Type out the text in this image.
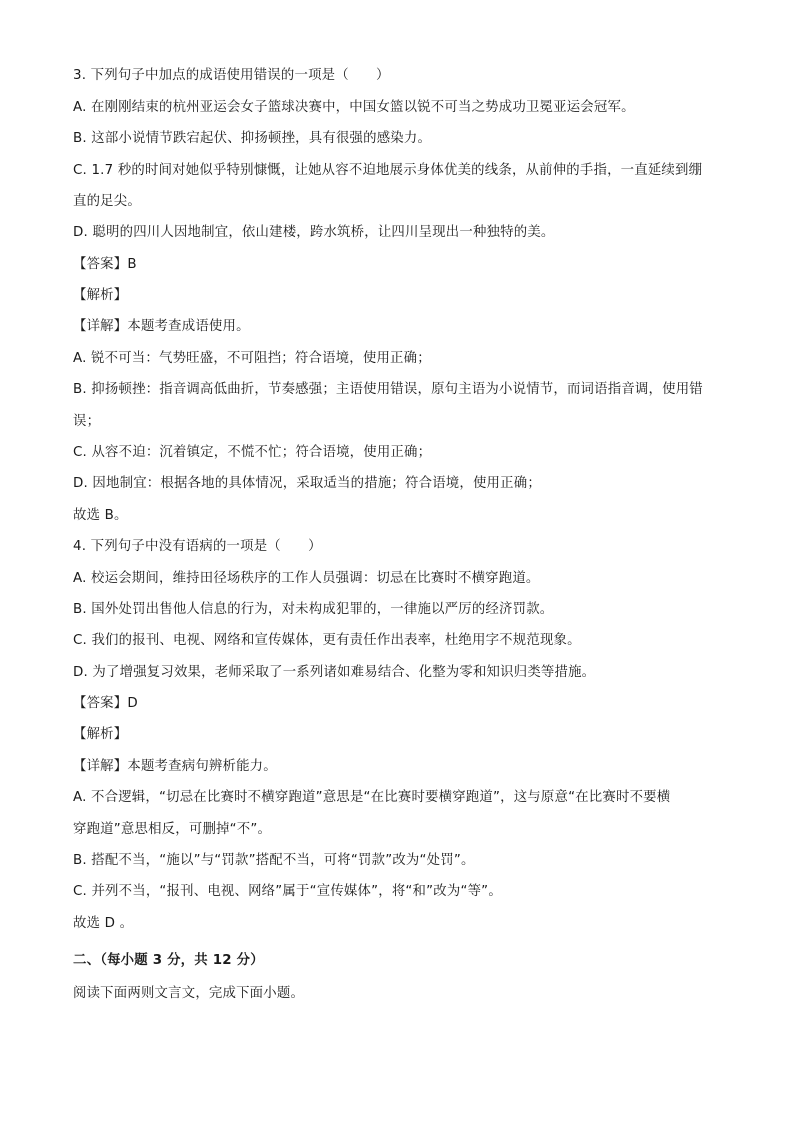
3. 下列句子中加点的成语使用错误的一项是（　　）
A. 在刚刚结束的杭州亚运会女子篮球决赛中，中国女篮以锐不可当之势成功卫冕亚运会冠军。
B. 这部小说情节跌宕起伏、抑扬顿挫，具有很强的感染力。
C. 1.7 秒的时间对她似乎特别慷慨，让她从容不迫地展示身体优美的线条，从前伸的手指，一直延续到绷
直的足尖。
D. 聪明的四川人因地制宜，依山建楼，跨水筑桥，让四川呈现出一种独特的美。
【答案】B
【解析】
【详解】本题考查成语使用。
A. 锐不可当：气势旺盛，不可阻挡；符合语境，使用正确；
B. 抑扬顿挫：指音调高低曲折，节奏感强；主语使用错误，原句主语为小说情节，而词语指音调，使用错
误；
C. 从容不迫：沉着镇定，不慌不忙；符合语境，使用正确；
D. 因地制宜：根据各地的具体情况，采取适当的措施；符合语境，使用正确；
故选 B。
4. 下列句子中没有语病的一项是（　　）
A. 校运会期间，维持田径场秩序的工作人员强调：切忌在比赛时不横穿跑道。
B. 国外处罚出售他人信息的行为，对未构成犯罪的，一律施以严厉的经济罚款。
C. 我们的报刊、电视、网络和宣传媒体，更有责任作出表率，杜绝用字不规范现象。
D. 为了增强复习效果，老师采取了一系列诸如难易结合、化整为零和知识归类等措施。
【答案】D
【解析】
【详解】本题考查病句辨析能力。
A. 不合逻辑，“切忌在比赛时不横穿跑道”意思是“在比赛时要横穿跑道”，这与原意“在比赛时不要横
穿跑道”意思相反，可删掉“不”。
B. 搭配不当，“施以”与“罚款”搭配不当，可将“罚款”改为“处罚”。
C. 并列不当，“报刊、电视、网络”属于“宣传媒体”，将“和”改为“等”。
故选 D 。
二、（每小题 3 分，共 12 分）
阅读下面两则文言文，完成下面小题。
